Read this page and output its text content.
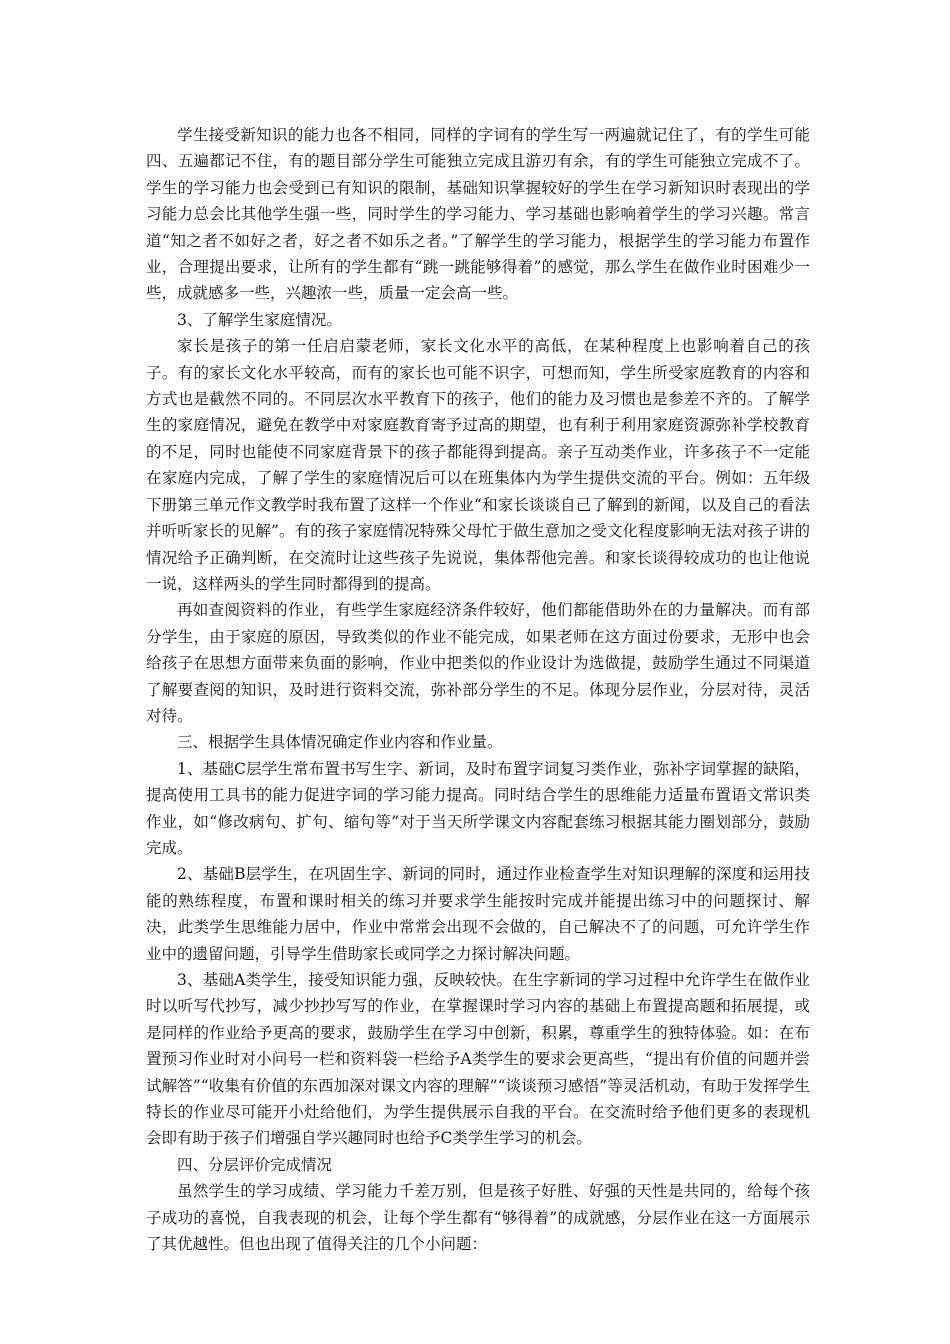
学生接受新知识的能力也各不相同，同样的字词有的学生写一两遍就记住了，有的学生可能四、五遍都记不住，有的题目部分学生可能独立完成且游刃有余，有的学生可能独立完成不了。学生的学习能力也会受到已有知识的限制，基础知识掌握较好的学生在学习新知识时表现出的学习能力总会比其他学生强一些，同时学生的学习能力、学习基础也影响着学生的学习兴趣。常言道“知之者不如好之者，好之者不如乐之者。”了解学生的学习能力，根据学生的学习能力布置作业，合理提出要求，让所有的学生都有“跳一跳能够得着”的感觉，那么学生在做作业时困难少一些，成就感多一些，兴趣浓一些，质量一定会高一些。

3、了解学生家庭情况。

家长是孩子的第一任启启蒙老师，家长文化水平的高低，在某种程度上也影响着自己的孩子。有的家长文化水平较高，而有的家长也可能不识字，可想而知，学生所受家庭教育的内容和方式也是截然不同的。不同层次水平教育下的孩子，他们的能力及习惯也是参差不齐的。了解学生的家庭情况，避免在教学中对家庭教育寄予过高的期望，也有利于利用家庭资源弥补学校教育的不足，同时也能使不同家庭背景下的孩子都能得到提高。亲子互动类作业，许多孩子不一定能在家庭内完成，了解了学生的家庭情况后可以在班集体内为学生提供交流的平台。例如：五年级下册第三单元作文教学时我布置了这样一个作业“和家长谈谈自己了解到的新闻，以及自己的看法并听听家长的见解”。有的孩子家庭情况特殊父母忙于做生意加之受文化程度影响无法对孩子讲的情况给予正确判断，在交流时让这些孩子先说说，集体帮他完善。和家长谈得较成功的也让他说一说，这样两头的学生同时都得到的提高。

再如查阅资料的作业，有些学生家庭经济条件较好，他们都能借助外在的力量解决。而有部分学生，由于家庭的原因，导致类似的作业不能完成，如果老师在这方面过份要求，无形中也会给孩子在思想方面带来负面的影响，作业中把类似的作业设计为选做提，鼓励学生通过不同渠道了解要查阅的知识，及时进行资料交流，弥补部分学生的不足。体现分层作业，分层对待，灵活对待。

三、根据学生具体情况确定作业内容和作业量。

1、基础C层学生常布置书写生字、新词，及时布置字词复习类作业，弥补字词掌握的缺陷，提高使用工具书的能力促进字词的学习能力提高。同时结合学生的思维能力适量布置语文常识类作业，如“修改病句、扩句、缩句等”对于当天所学课文内容配套练习根据其能力圈划部分，鼓励完成。

2、基础B层学生，在巩固生字、新词的同时，通过作业检查学生对知识理解的深度和运用技能的熟练程度，布置和课时相关的练习并要求学生能按时完成并能提出练习中的问题探讨、解决，此类学生思维能力居中，作业中常常会出现不会做的，自己解决不了的问题，可允许学生作业中的遗留问题，引导学生借助家长或同学之力探讨解决问题。

3、基础A类学生，接受知识能力强，反映较快。在生字新词的学习过程中允许学生在做作业时以听写代抄写，减少抄抄写写的作业，在掌握课时学习内容的基础上布置提高题和拓展提，或是同样的作业给予更高的要求，鼓励学生在学习中创新，积累，尊重学生的独特体验。如：在布置预习作业时对小问号一栏和资料袋一栏给予A类学生的要求会更高些，“提出有价值的问题并尝试解答”“收集有价值的东西加深对课文内容的理解”“谈谈预习感悟”等灵活机动，有助于发挥学生特长的作业尽可能开小灶给他们，为学生提供展示自我的平台。在交流时给予他们更多的表现机会即有助于孩子们增强自学兴趣同时也给予C类学生学习的机会。

四、分层评价完成情况

虽然学生的学习成绩、学习能力千差万别，但是孩子好胜、好强的天性是共同的，给每个孩子成功的喜悦，自我表现的机会，让每个学生都有“够得着”的成就感，分层作业在这一方面展示了其优越性。但也出现了值得关注的几个小问题：
